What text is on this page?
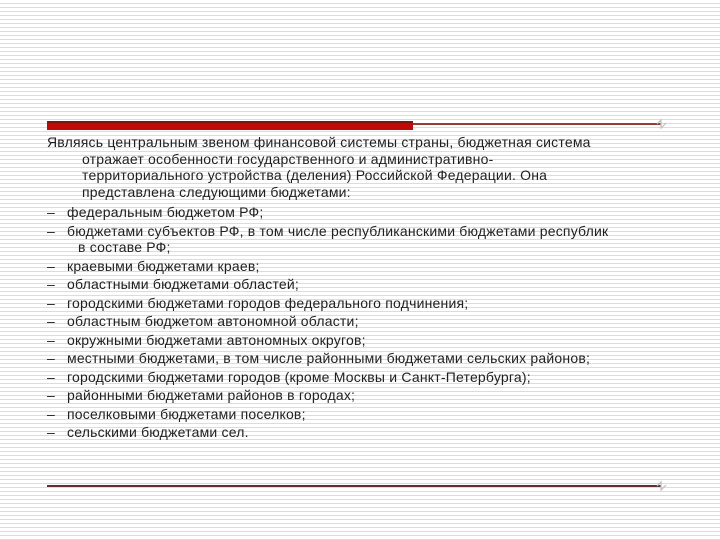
Являясь центральным звеном финансовой системы страны, бюджетная система отражает особенности государственного и административно-территориального устройства (деления) Российской Федерации. Она представлена следующими бюджетами:

– федеральным бюджетом РФ;
– бюджетами субъектов РФ, в том числе республиканскими бюджетами республик в составе РФ;
– краевыми бюджетами краев;
– областными бюджетами областей;
– городскими бюджетами городов федерального подчинения;
– областным бюджетом автономной области;
– окружными бюджетами автономных округов;
– местными бюджетами, в том числе районными бюджетами сельских районов;
– городскими бюджетами городов (кроме Москвы и Санкт-Петербурга);
– районными бюджетами районов в городах;
– поселковыми бюджетами поселков;
– сельскими бюджетами сел.
